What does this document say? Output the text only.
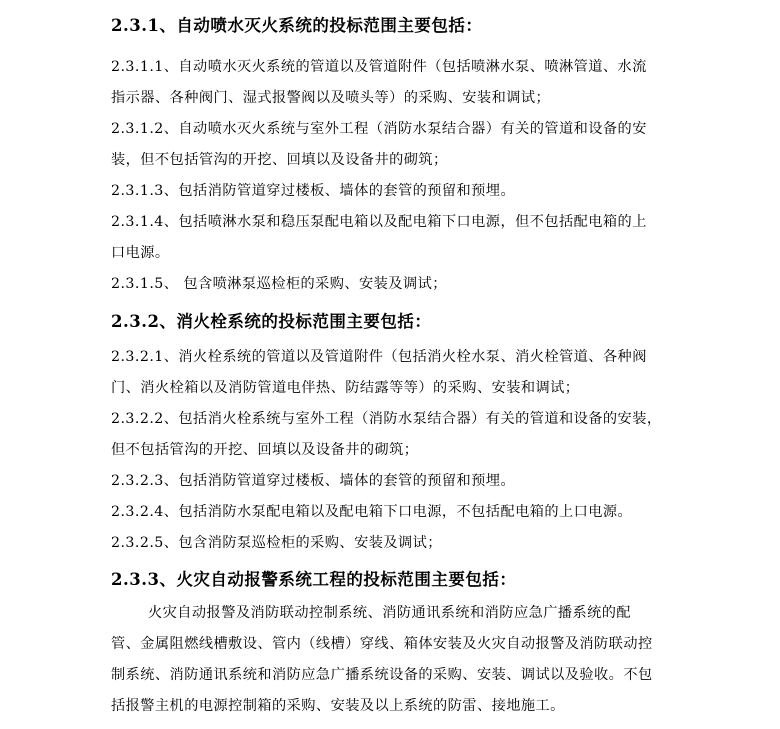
2.3.1、自动喷水灭火系统的投标范围主要包括：
2.3.1.1、自动喷水灭火系统的管道以及管道附件（包括喷淋水泵、喷淋管道、水流
指示器、各种阀门、湿式报警阀以及喷头等）的采购、安装和调试；
2.3.1.2、自动喷水灭火系统与室外工程（消防水泵结合器）有关的管道和设备的安
装，但不包括管沟的开挖、回填以及设备井的砌筑；
2.3.1.3、包括消防管道穿过楼板、墙体的套管的预留和预埋。
2.3.1.4、包括喷淋水泵和稳压泵配电箱以及配电箱下口电源，但不包括配电箱的上
口电源。
2.3.1.5、 包含喷淋泵巡检柜的采购、安装及调试；
2.3.2、消火栓系统的投标范围主要包括：
2.3.2.1、消火栓系统的管道以及管道附件（包括消火栓水泵、消火栓管道、各种阀
门、消火栓箱以及消防管道电伴热、防结露等等）的采购、安装和调试；
2.3.2.2、包括消火栓系统与室外工程（消防水泵结合器）有关的管道和设备的安装，
但不包括管沟的开挖、回填以及设备井的砌筑；
2.3.2.3、包括消防管道穿过楼板、墙体的套管的预留和预埋。
2.3.2.4、包括消防水泵配电箱以及配电箱下口电源，不包括配电箱的上口电源。
2.3.2.5、包含消防泵巡检柜的采购、安装及调试；
2.3.3、火灾自动报警系统工程的投标范围主要包括：
火灾自动报警及消防联动控制系统、消防通讯系统和消防应急广播系统的配
管、金属阻燃线槽敷设、管内（线槽）穿线、箱体安装及火灾自动报警及消防联动控
制系统、消防通讯系统和消防应急广播系统设备的采购、安装、调试以及验收。不包
括报警主机的电源控制箱的采购、安装及以上系统的防雷、接地施工。
